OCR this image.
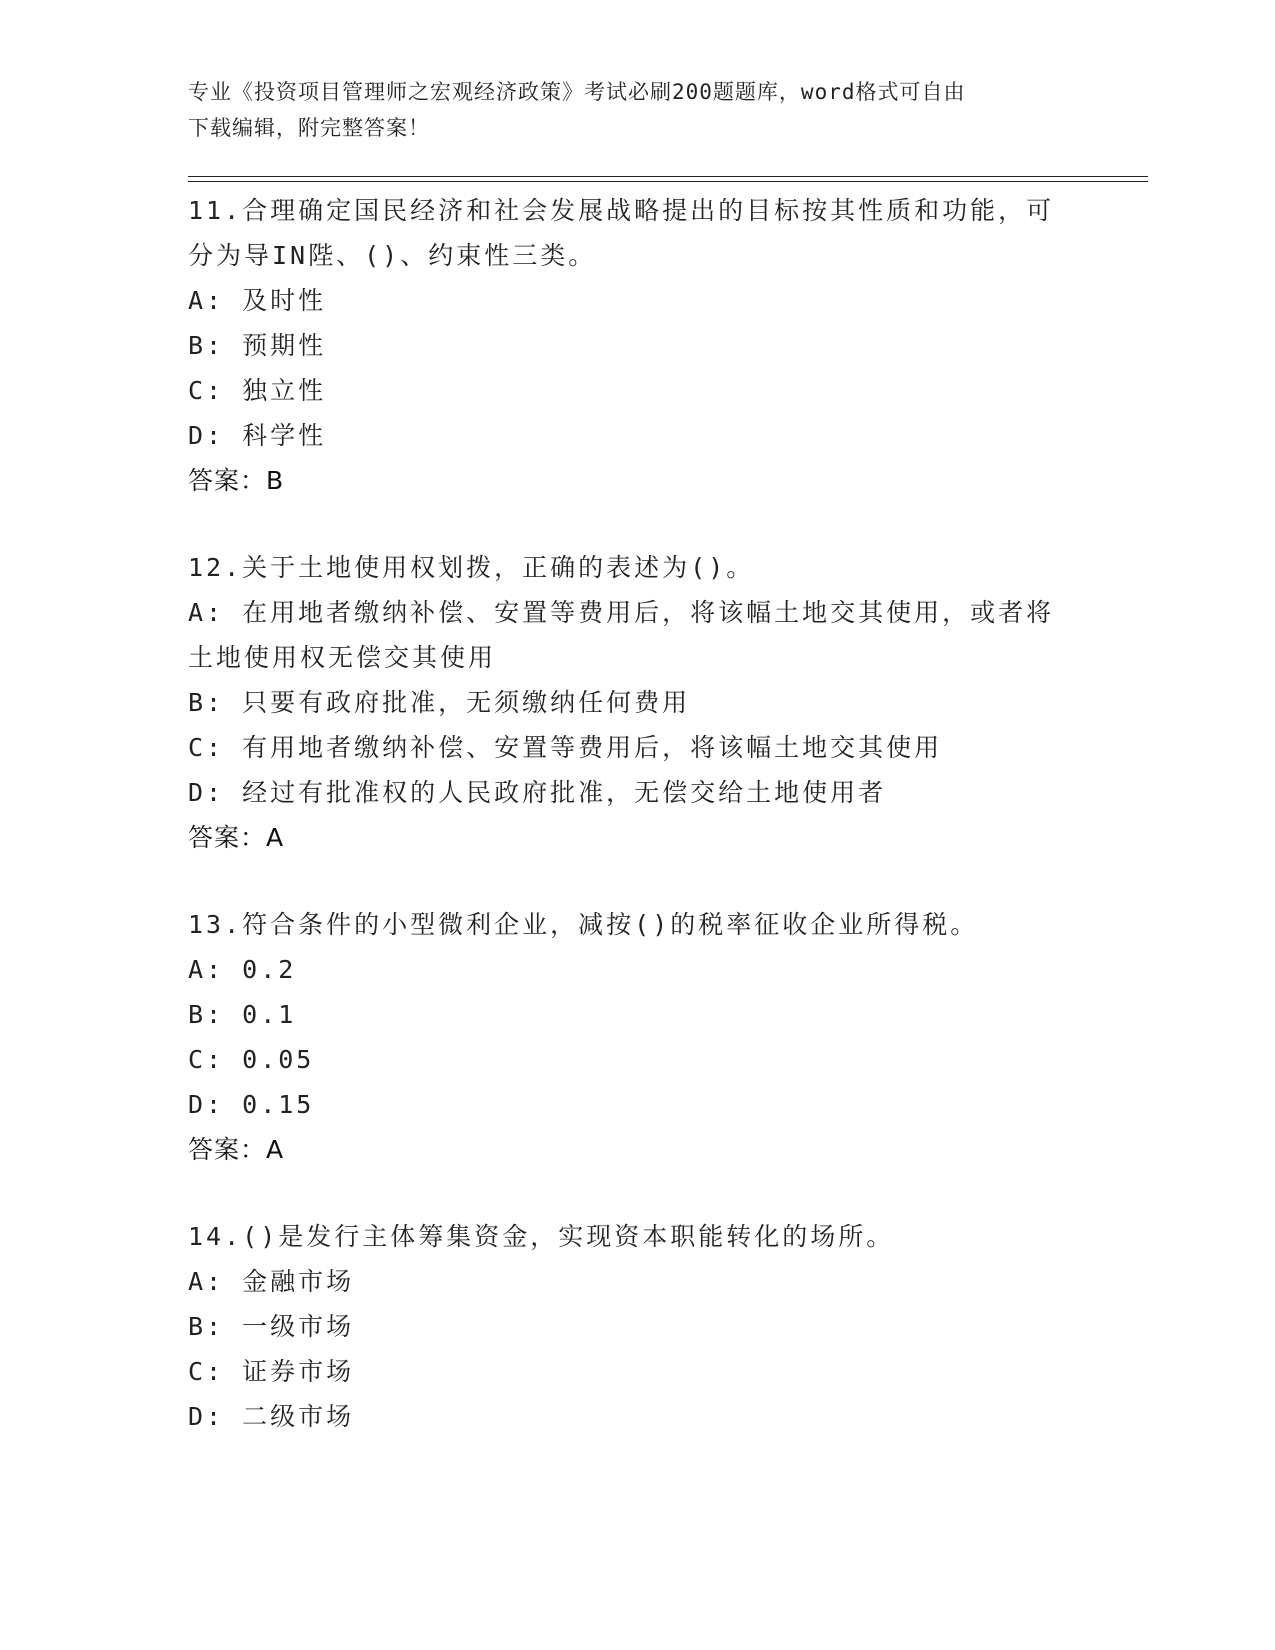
专业《投资项目管理师之宏观经济政策》考试必刷200题题库，word格式可自由
下载编辑，附完整答案！

11.合理确定国民经济和社会发展战略提出的目标按其性质和功能，可分为导IN陛、()、约束性三类。

A: 及时性

B: 预期性

C: 独立性

D: 科学性

答案：B

12.关于土地使用权划拨，正确的表述为()。

A: 在用地者缴纳补偿、安置等费用后，将该幅土地交其使用，或者将土地使用权无偿交其使用

B: 只要有政府批准，无须缴纳任何费用

C: 有用地者缴纳补偿、安置等费用后，将该幅土地交其使用

D: 经过有批准权的人民政府批准，无偿交给土地使用者

答案：A

13.符合条件的小型微利企业，减按()的税率征收企业所得税。

A: 0.2

B: 0.1

C: 0.05

D: 0.15

答案：A

14.()是发行主体筹集资金，实现资本职能转化的场所。

A: 金融市场

B: 一级市场

C: 证券市场

D: 二级市场
